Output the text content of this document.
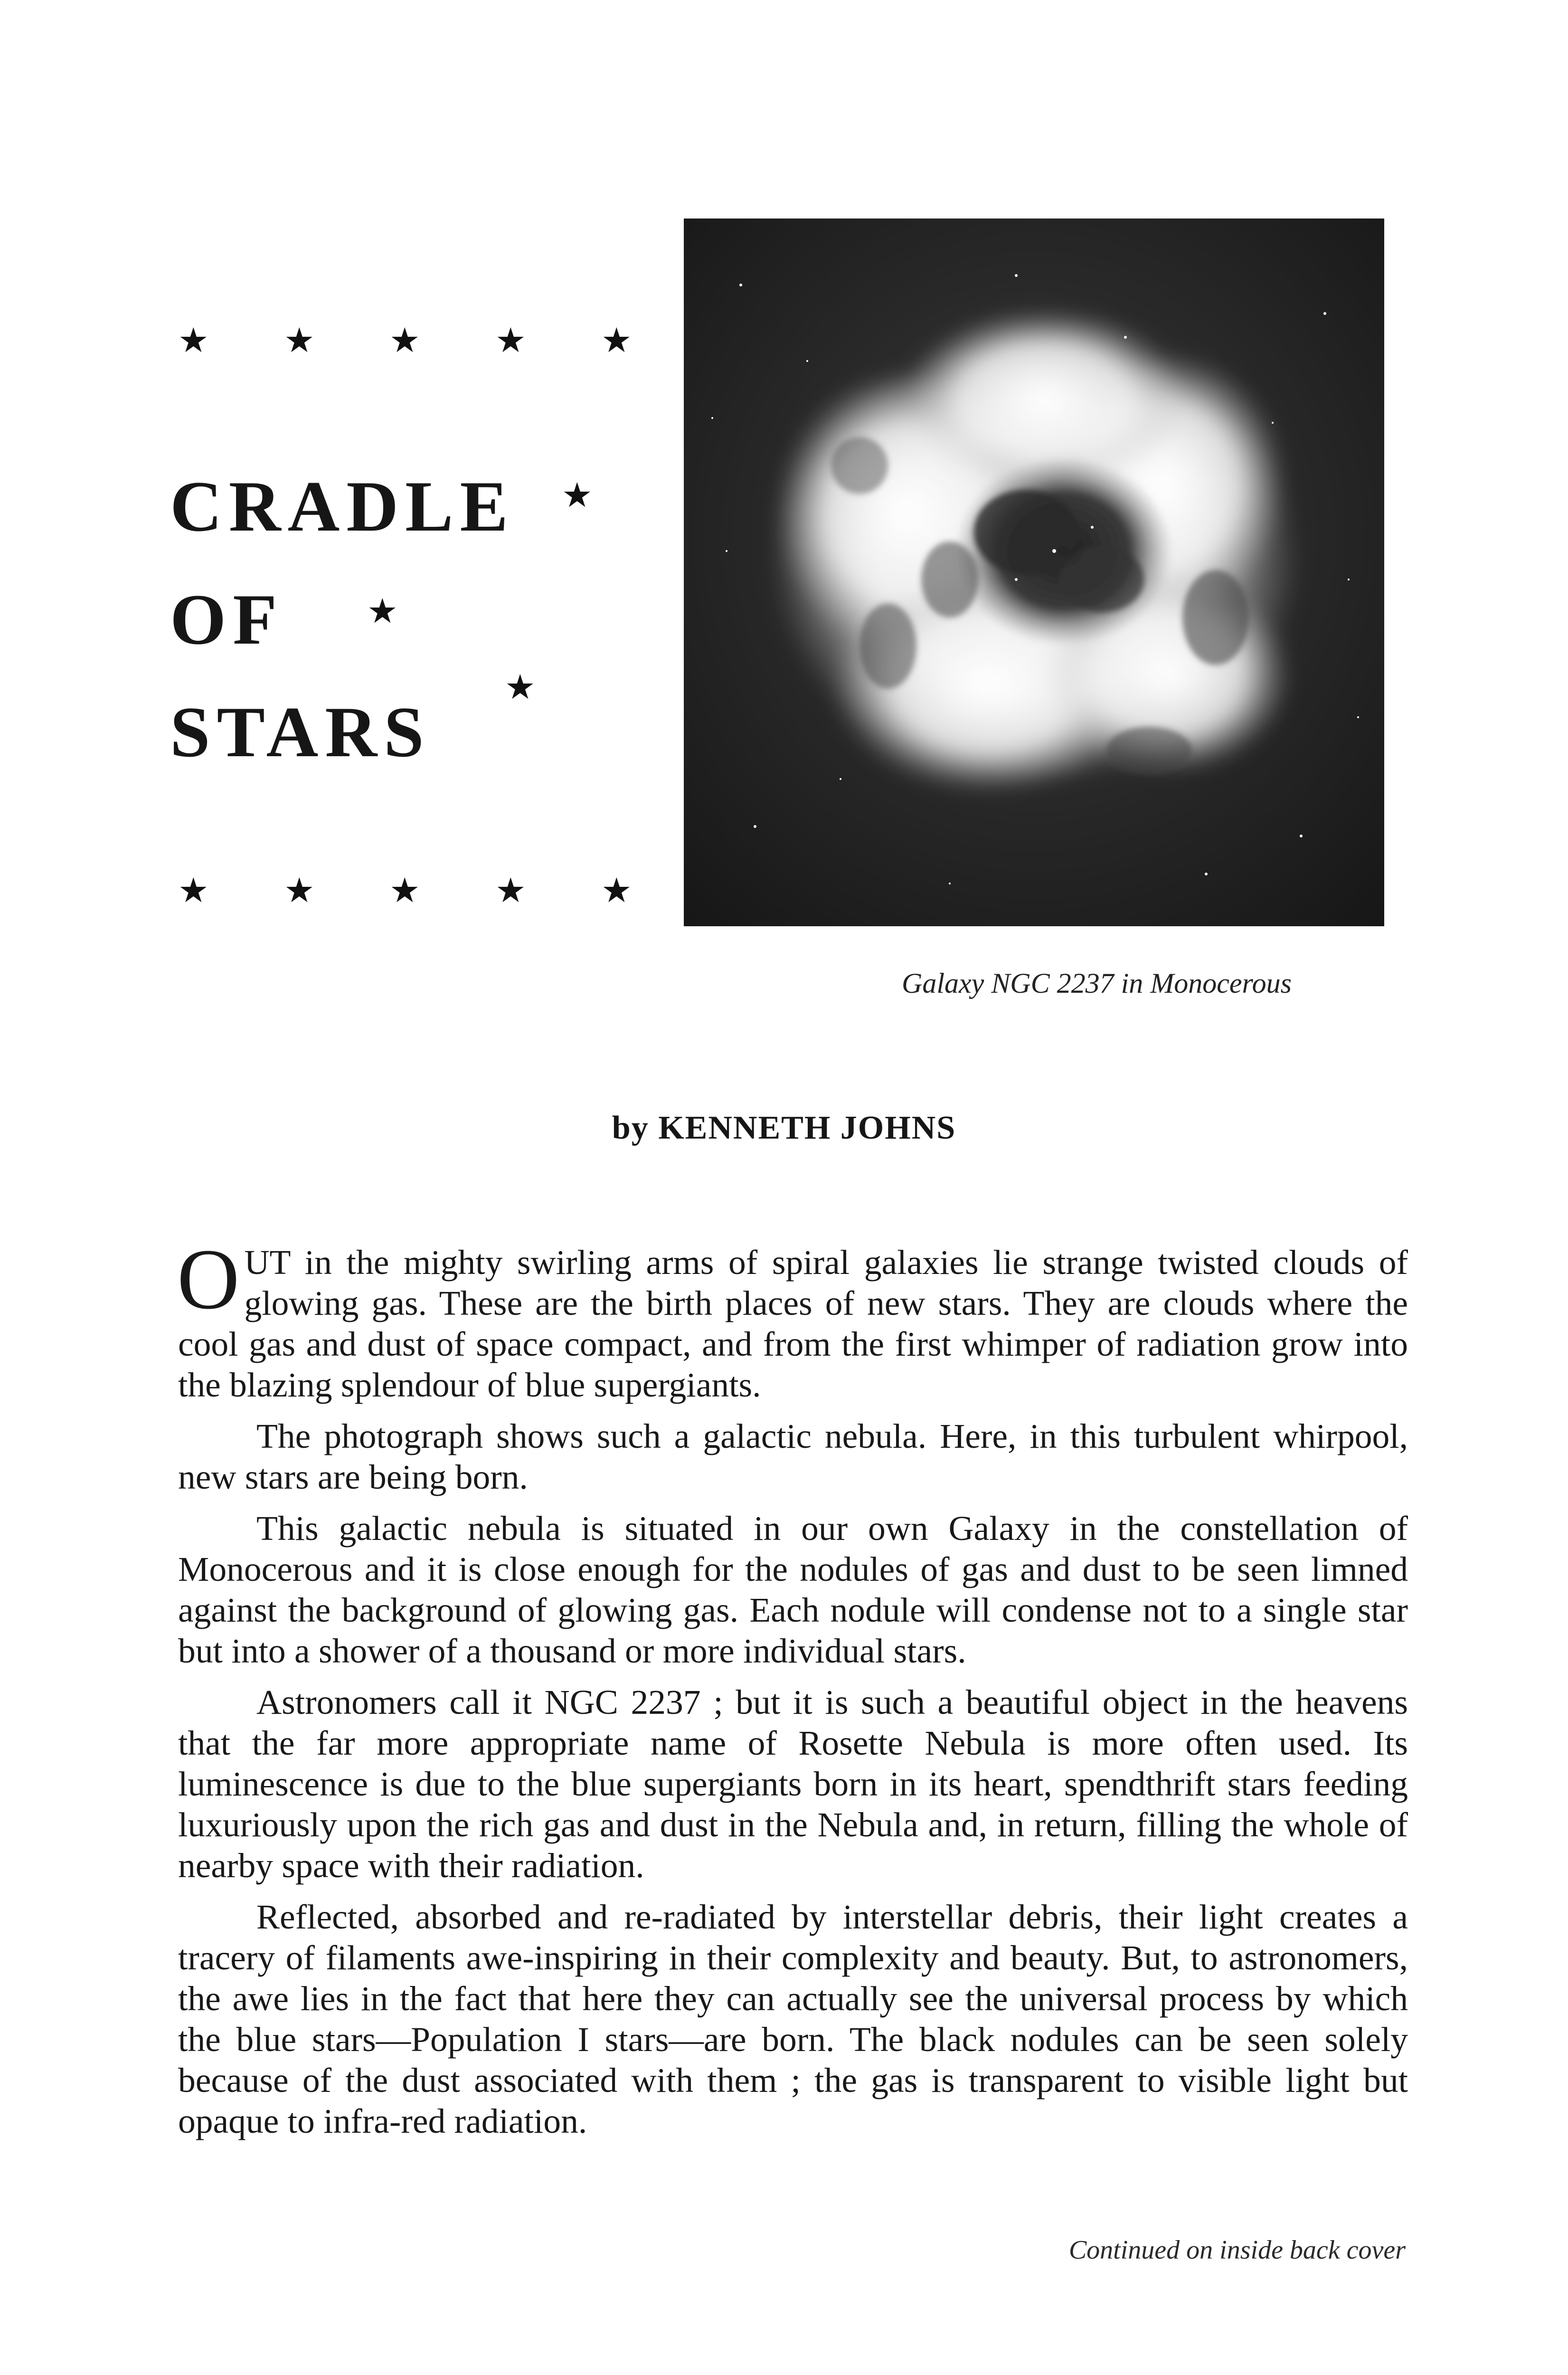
★ ★ ★ ★ ★
★
★
★
★ ★ ★ ★ ★
CRADLE
OF
STARS
Galaxy NGC 2237 in Monocerous
by KENNETH JOHNS

OUT in the mighty swirling arms of spiral galaxies lie strange twisted clouds of glowing gas. These are the birth places of new stars. They are clouds where the cool gas and dust of space compact, and from the first whimper of radiation grow into the blazing splendour of blue supergiants.

The photograph shows such a galactic nebula. Here, in this turbulent whirpool, new stars are being born.

This galactic nebula is situated in our own Galaxy in the constellation of Monocerous and it is close enough for the nodules of gas and dust to be seen limned against the background of glowing gas. Each nodule will condense not to a single star but into a shower of a thousand or more individual stars.

Astronomers call it NGC 2237 ; but it is such a beautiful object in the heavens that the far more appropriate name of Rosette Nebula is more often used. Its luminescence is due to the blue supergiants born in its heart, spendthrift stars feeding luxuriously upon the rich gas and dust in the Nebula and, in return, filling the whole of nearby space with their radiation.

Reflected, absorbed and re-radiated by interstellar debris, their light creates a tracery of filaments awe-inspiring in their complexity and beauty. But, to astronomers, the awe lies in the fact that here they can actually see the universal process by which the blue stars—Population I stars—are born. The black nodules can be seen solely because of the dust associated with them ; the gas is transparent to visible light but opaque to infra-red radiation.

Continued on inside back cover
